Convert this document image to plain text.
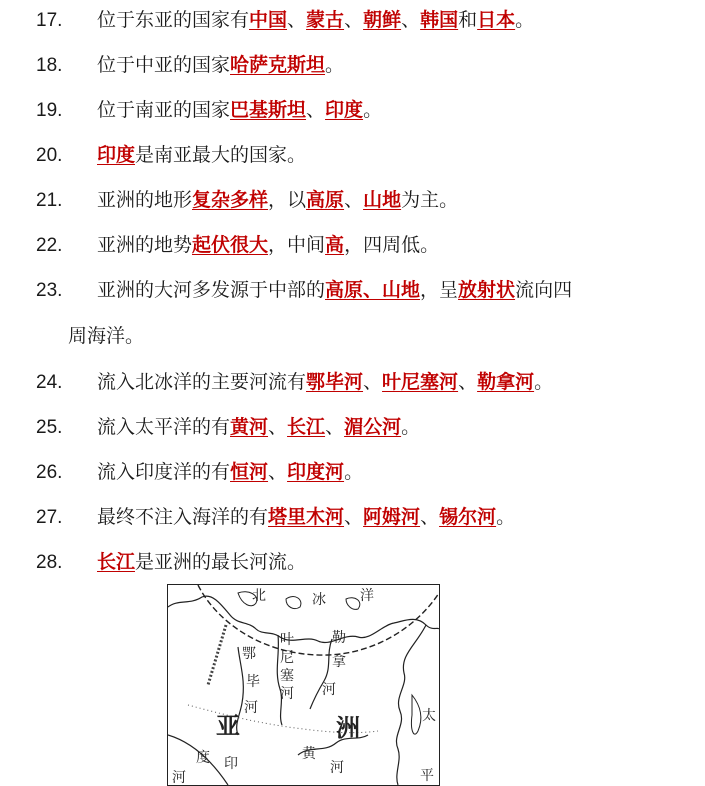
17. 位于东亚的国家有中国、蒙古、朝鲜、韩国和日本。
18. 位于中亚的国家哈萨克斯坦。
19. 位于南亚的国家巴基斯坦、印度。
20. 印度是南亚最大的国家。
21. 亚洲的地形复杂多样，以高原、山地为主。
22. 亚洲的地势起伏很大，中间高，四周低。
23. 亚洲的大河多发源于中部的高原、山地，呈放射状流向四
周海洋。
24. 流入北冰洋的主要河流有鄂毕河、叶尼塞河、勒拿河。
25. 流入太平洋的有黄河、长江、湄公河。
26. 流入印度洋的有恒河、印度河。
27. 最终不注入海洋的有塔里木河、阿姆河、锡尔河。
28. 长江是亚洲的最长河流。
北	冰 洋
叶	勒
鄂 尼	拿
塞
毕	河
河
河
亚	洲	太
黄
度 印	河
河	平
